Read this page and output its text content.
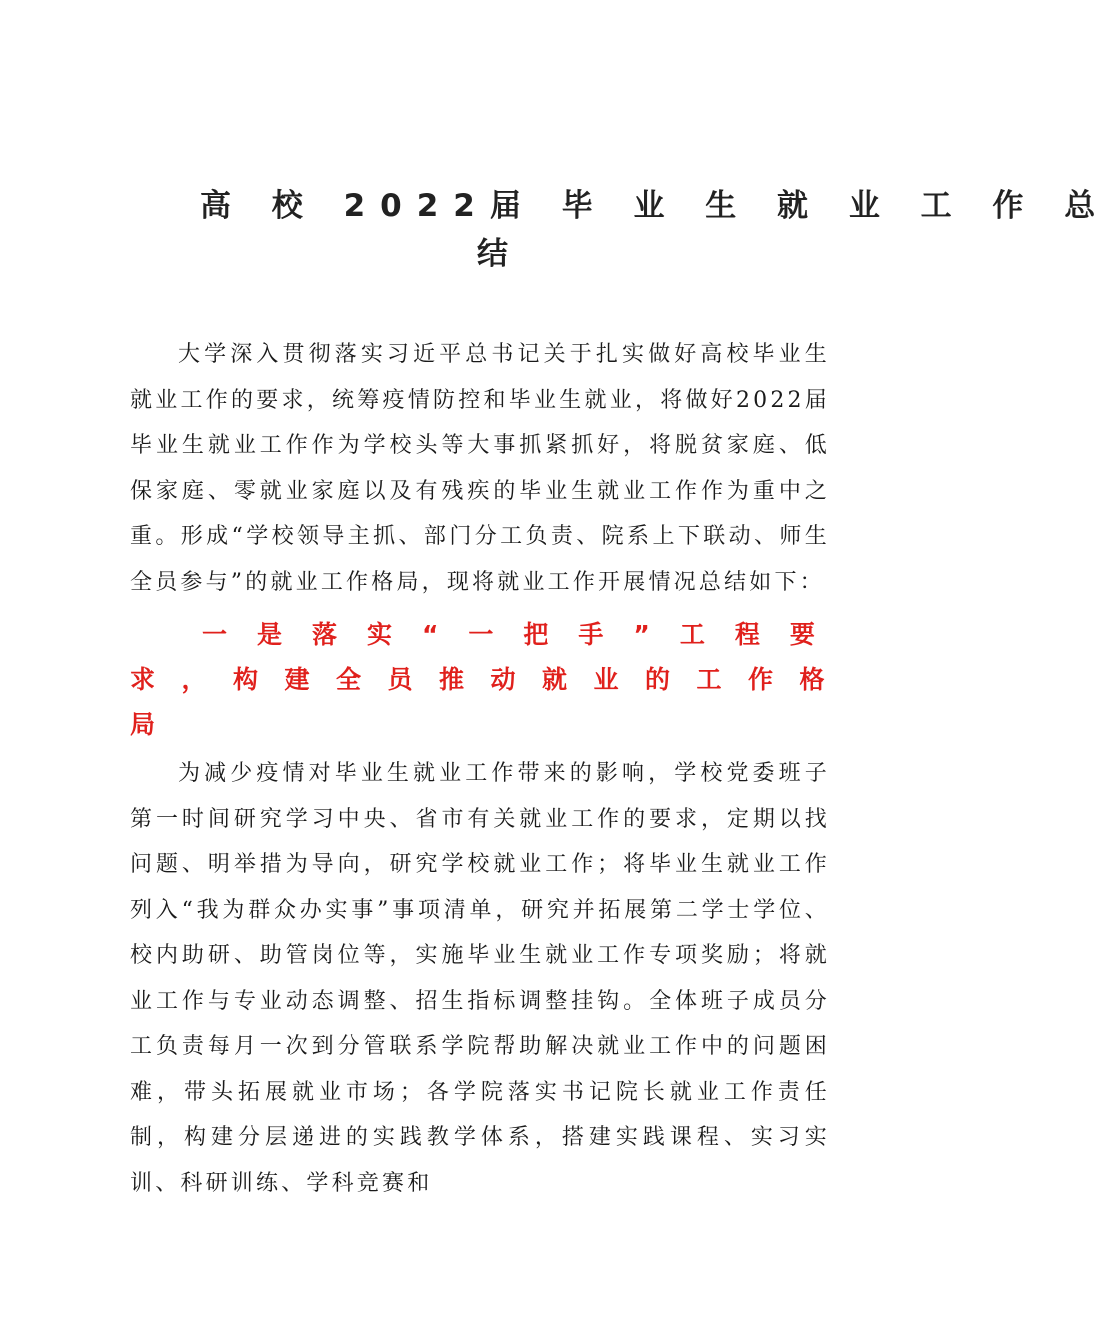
高 校 2022届 毕 业 生 就 业 工 作 总
结

大学深入贯彻落实习近平总书记关于扎实做好高校毕业生就业工作的要求，统筹疫情防控和毕业生就业，将做好2022届毕业生就业工作作为学校头等大事抓紧抓好，将脱贫家庭、低保家庭、零就业家庭以及有残疾的毕业生就业工作作为重中之重。形成“学校领导主抓、部门分工负责、院系上下联动、师生全员参与”的就业工作格局，现将就业工作开展情况总结如下：

一是落实“一把手”工程要
求，构建全员推动就业的工作格
局

为减少疫情对毕业生就业工作带来的影响，学校党委班子第一时间研究学习中央、省市有关就业工作的要求，定期以找问题、明举措为导向，研究学校就业工作；将毕业生就业工作列入“我为群众办实事”事项清单，研究并拓展第二学士学位、校内助研、助管岗位等，实施毕业生就业工作专项奖励；将就业工作与专业动态调整、招生指标调整挂钩。全体班子成员分工负责每月一次到分管联系学院帮助解决就业工作中的问题困难，带头拓展就业市场；各学院落实书记院长就业工作责任制，构建分层递进的实践教学体系，搭建实践课程、实习实训、科研训练、学科竞赛和
